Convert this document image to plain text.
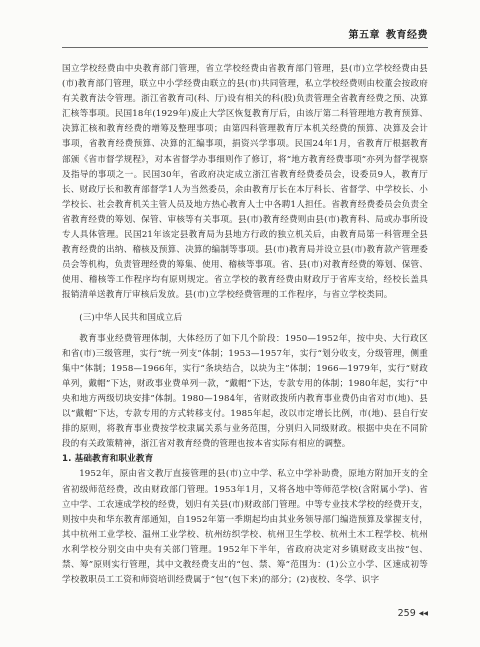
第五章 教育经费

国立学校经费由中央教育部门管理，省立学校经费由省教育部门管理，县(市)立学校经费由县(市)教育部门管理，联立中小学经费由联立的县(市)共同管理，私立学校经费则由校董会按政府有关教育法令管理。浙江省教育司(科、厅)设有相关的科(股)负责管理全省教育经费之预、决算汇核等事项。民国18年(1929年)废止大学区恢复教育厅后，由该厅第二科管理地方教育预算、决算汇核和教育经费的增筹及整理事项；由第四科管理教育厅本机关经费的预算、决算及会计事项，省教育经费预算、决算的汇编事项，捐资兴学事项。民国24年1月，省教育厅根据教育部颁《省市督学规程》，对本省督学办事细则作了修订，将“地方教育经费事项”亦列为督学视察及指导的事项之一。民国30年，省政府决定成立浙江省教育经费委员会，设委员9人，教育厅长、财政厅长和教育部督学1人为当然委员，余由教育厅长在本厅科长、省督学、中学校长、小学校长、社会教育机关主管人员及地方热心教育人士中各聘1人担任。省教育经费委员会负责全省教育经费的筹划、保管、审核等有关事项。县(市)教育经费则由县(市)教育科、局或办事所设专人具体管理。民国21年该定县教育局为县地方行政的独立机关后，由教育局第一科管理全县教育经费的出纳、稽核及预算、决算的编制等事项。县(市)教育局并设立县(市)教育款产管理委员会等机构，负责管理经费的筹集、使用、稽核等事项。省、县(市)对教育经费的筹划、保管、使用、稽核等工作程序均有原则规定。省立学校的教育经费由财政厅于省库支给，经校长盖具报销清单送教育厅审核后发放。县(市)立学校经费管理的工作程序，与省立学校类同。

(三)中华人民共和国成立后

教育事业经费管理体制，大体经历了如下几个阶段：1950—1952年，按中央、大行政区和省(市)三级管理，实行“统一列支”体制；1953—1957年，实行“划分收支，分级管理，侧重集中”体制；1958—1966年，实行“条块结合，以块为主”体制；1966—1979年，实行“财政单列，戴帽”下达，财政事业费单列一款，“戴帽”下达，专款专用的体制；1980年起，实行“中央和地方两级切块安排”体制。1980—1984年，省财政拨所内教育事业费仍由省对市(地)、县以“戴帽”下达，专款专用的方式转移支付。1985年起，改以市定增长比例，市(地)、县自行安排的原则，将教育事业费按学校隶属关系与业务范围，分别归入同级财政。根据中央在不同阶段的有关政策精神，浙江省对教育经费的管理也按本省实际有相应的调整。

1. 基础教育和职业教育

1952年，原由省文教厅直接管理的县(市)立中学、私立中学补助费，原地方附加开支的全省初级师范经费，改由财政部门管理。1953年1月，又将各地中等师范学校(含附属小学)、省立中学、工农速成学校的经费，划归有关县(市)财政部门管理。中等专业技术学校的经费开支，则按中央和华东教育部通知，自1952年第一季期起均由其业务领导部门编造预算及掌握支付，其中杭州工业学校、温州工业学校、杭州纺织学校、杭州卫生学校、杭州土木工程学校、杭州水利学校分别交由中央有关部门管理。1952年下半年，省政府决定对乡镇财政支出按“包、禁、筹”原则实行管理，其中文教经费支出的“包、禁、筹”范围为：(1)公立小学、区速成初等学校教职员工工资和师资培训经费属于“包”(包下来)的部分；(2)夜校、冬学、识字

259 ◀◀
